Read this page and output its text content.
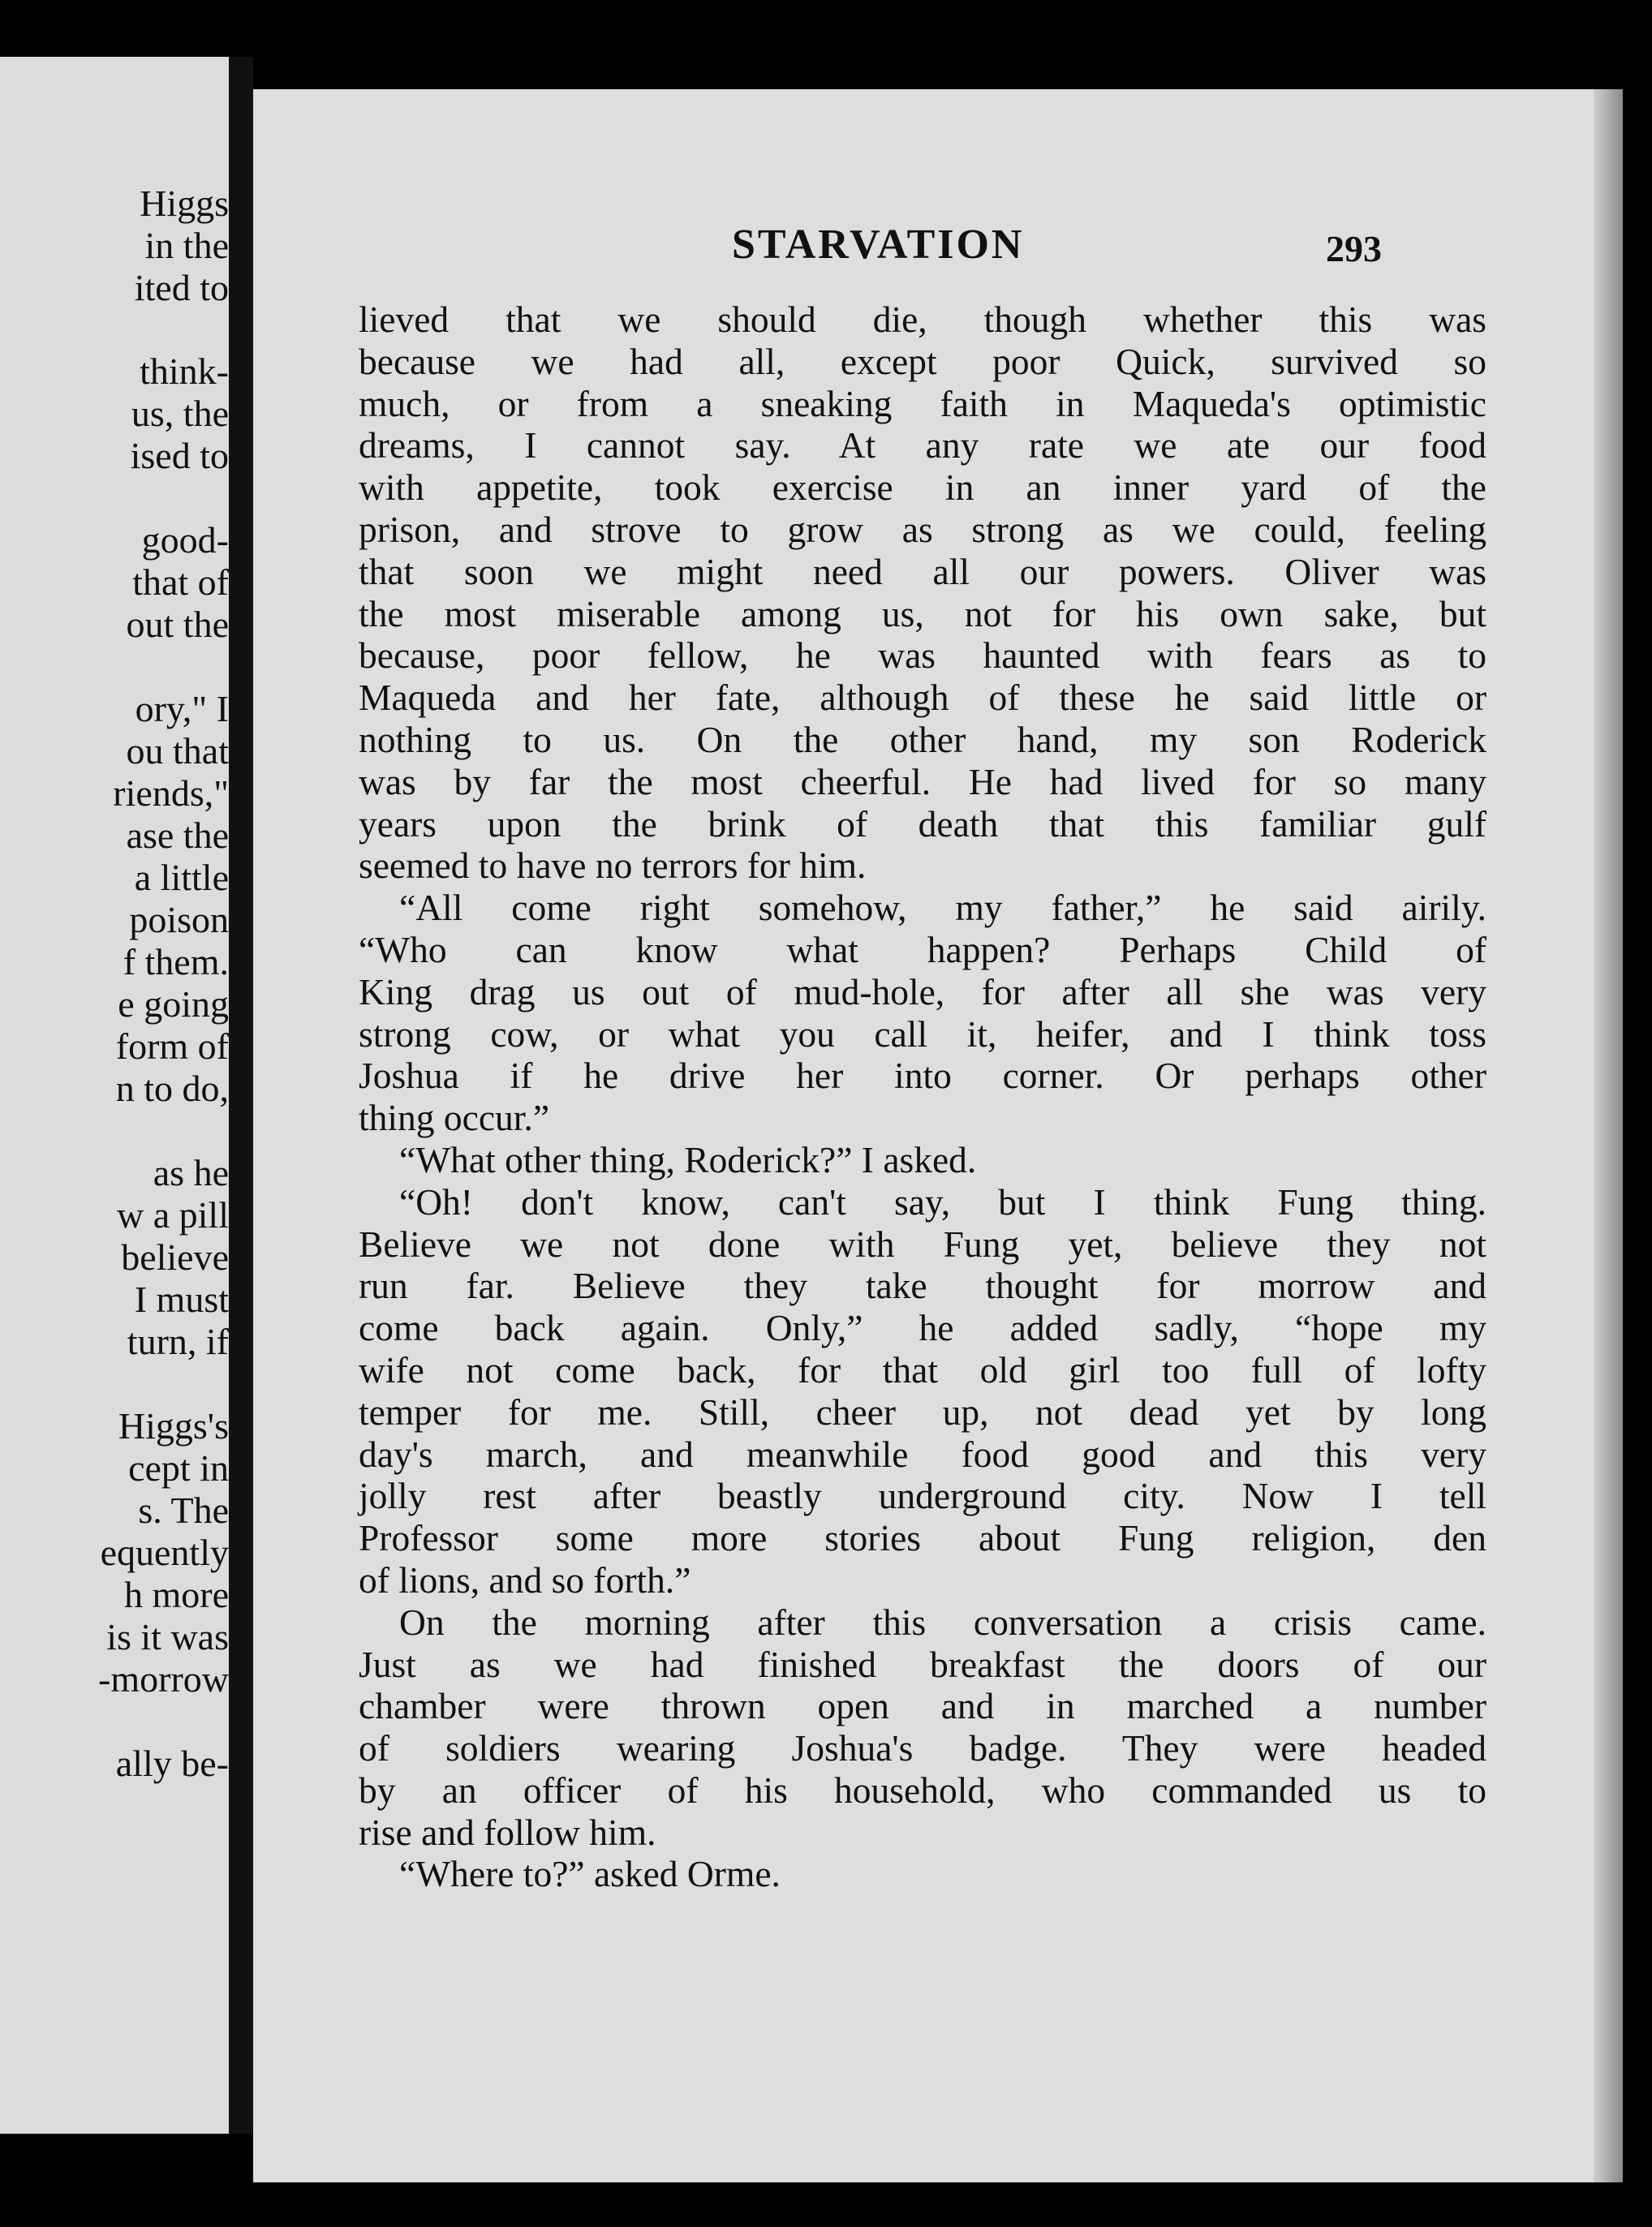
Higgs
in the
ited to
think-
us, the
ised to
good-
that of
out the
ory," I
ou that
riends,"
ase the
a little
poison
f them.
e going
form of
n to do,
as he
w a pill
believe
I must
turn, if
Higgs's
cept in
s. The
equently
h more
is it was
-morrow
ally be-
STARVATION	293
lieved that we should die, though whether this was
because we had all, except poor Quick, survived so
much, or from a sneaking faith in Maqueda's optimistic
dreams, I cannot say. At any rate we ate our food
with appetite, took exercise in an inner yard of the
prison, and strove to grow as strong as we could, feeling
that soon we might need all our powers. Oliver was
the most miserable among us, not for his own sake, but
because, poor fellow, he was haunted with fears as to
Maqueda and her fate, although of these he said little or
nothing to us. On the other hand, my son Roderick
was by far the most cheerful. He had lived for so many
years upon the brink of death that this familiar gulf
seemed to have no terrors for him.
“All come right somehow, my father,” he said airily.
“Who can know what happen? Perhaps Child of
King drag us out of mud-hole, for after all she was very
strong cow, or what you call it, heifer, and I think toss
Joshua if he drive her into corner. Or perhaps other
thing occur.”
“What other thing, Roderick?” I asked.
“Oh! don't know, can't say, but I think Fung thing.
Believe we not done with Fung yet, believe they not
run far. Believe they take thought for morrow and
come back again. Only,” he added sadly, “hope my
wife not come back, for that old girl too full of lofty
temper for me. Still, cheer up, not dead yet by long
day's march, and meanwhile food good and this very
jolly rest after beastly underground city. Now I tell
Professor some more stories about Fung religion, den
of lions, and so forth.”
On the morning after this conversation a crisis came.
Just as we had finished breakfast the doors of our
chamber were thrown open and in marched a number
of soldiers wearing Joshua's badge. They were headed
by an officer of his household, who commanded us to
rise and follow him.
“Where to?” asked Orme.
